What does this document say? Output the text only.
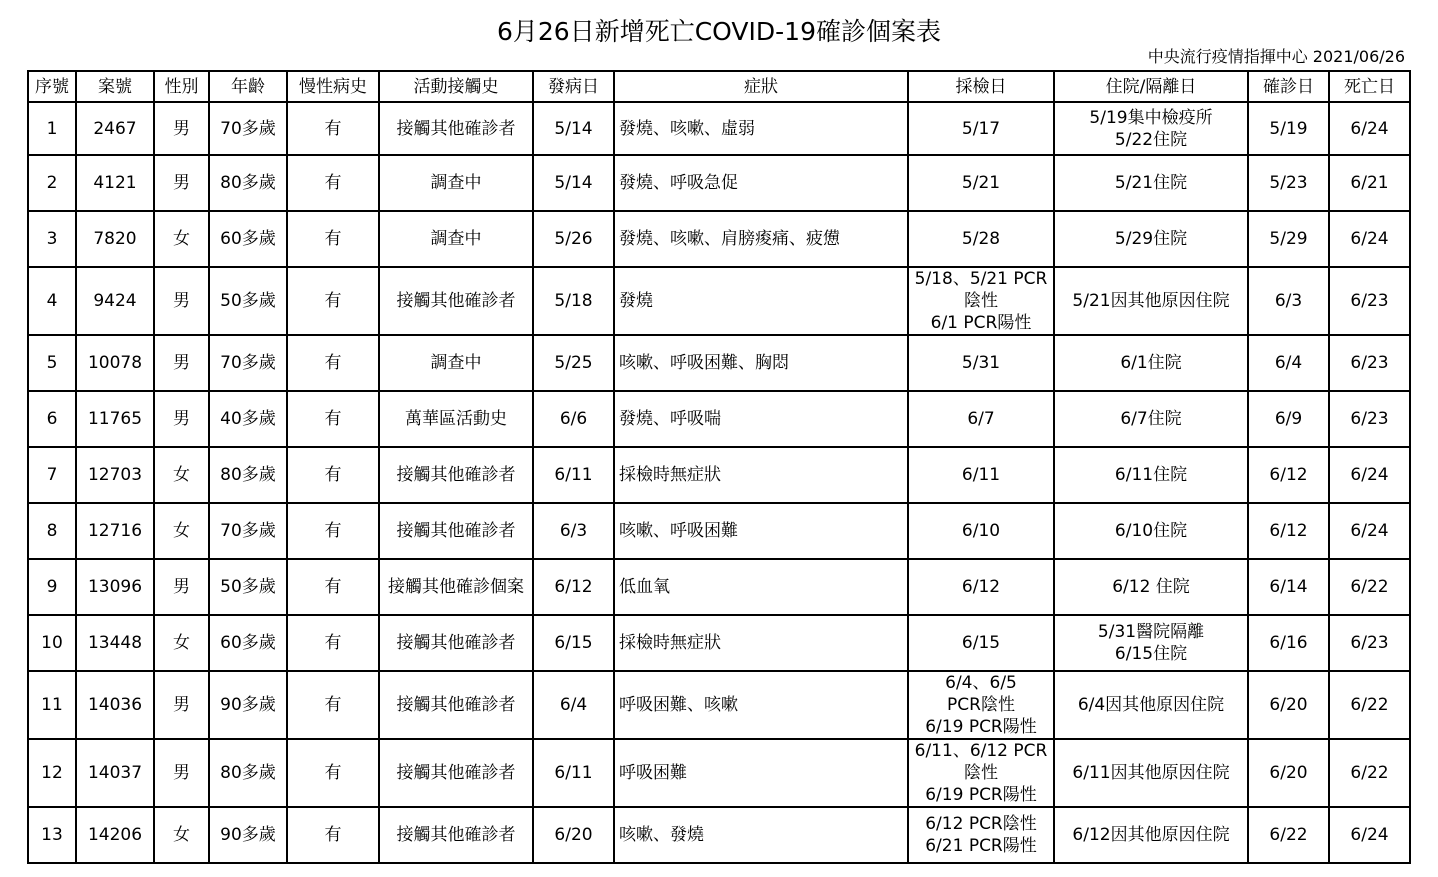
6月26日新增死亡COVID-19確診個案表
中央流行疫情指揮中心 2021/06/26
序號	案號	性別	年齡	慢性病史	活動接觸史	發病日	症狀	採檢日	住院/隔離日	確診日	死亡日
1	2467	男	70多歲	有	接觸其他確診者	5/14	發燒、咳嗽、虛弱	5/17	5/19集中檢疫所
5/22住院	5/19	6/24
2	4121	男	80多歲	有	調查中	5/14	發燒、呼吸急促	5/21	5/21住院	5/23	6/21
3	7820	女	60多歲	有	調查中	5/26	發燒、咳嗽、肩膀痠痛、疲憊	5/28	5/29住院	5/29	6/24
4	9424	男	50多歲	有	接觸其他確診者	5/18	發燒	5/18、5/21 PCR
陰性
6/1 PCR陽性	5/21因其他原因住院	6/3	6/23
5	10078	男	70多歲	有	調查中	5/25	咳嗽、呼吸困難、胸悶	5/31	6/1住院	6/4	6/23
6	11765	男	40多歲	有	萬華區活動史	6/6	發燒、呼吸喘	6/7	6/7住院	6/9	6/23
7	12703	女	80多歲	有	接觸其他確診者	6/11	採檢時無症狀	6/11	6/11住院	6/12	6/24
8	12716	女	70多歲	有	接觸其他確診者	6/3	咳嗽、呼吸困難	6/10	6/10住院	6/12	6/24
9	13096	男	50多歲	有	接觸其他確診個案	6/12	低血氧	6/12	6/12 住院	6/14	6/22
10	13448	女	60多歲	有	接觸其他確診者	6/15	採檢時無症狀	6/15	5/31醫院隔離
6/15住院	6/16	6/23
11	14036	男	90多歲	有	接觸其他確診者	6/4	呼吸困難、咳嗽	6/4、6/5
PCR陰性
6/19 PCR陽性	6/4因其他原因住院	6/20	6/22
12	14037	男	80多歲	有	接觸其他確診者	6/11	呼吸困難	6/11、6/12 PCR
陰性
6/19 PCR陽性	6/11因其他原因住院	6/20	6/22
13	14206	女	90多歲	有	接觸其他確診者	6/20	咳嗽、發燒	6/12 PCR陰性
6/21 PCR陽性	6/12因其他原因住院	6/22	6/24
